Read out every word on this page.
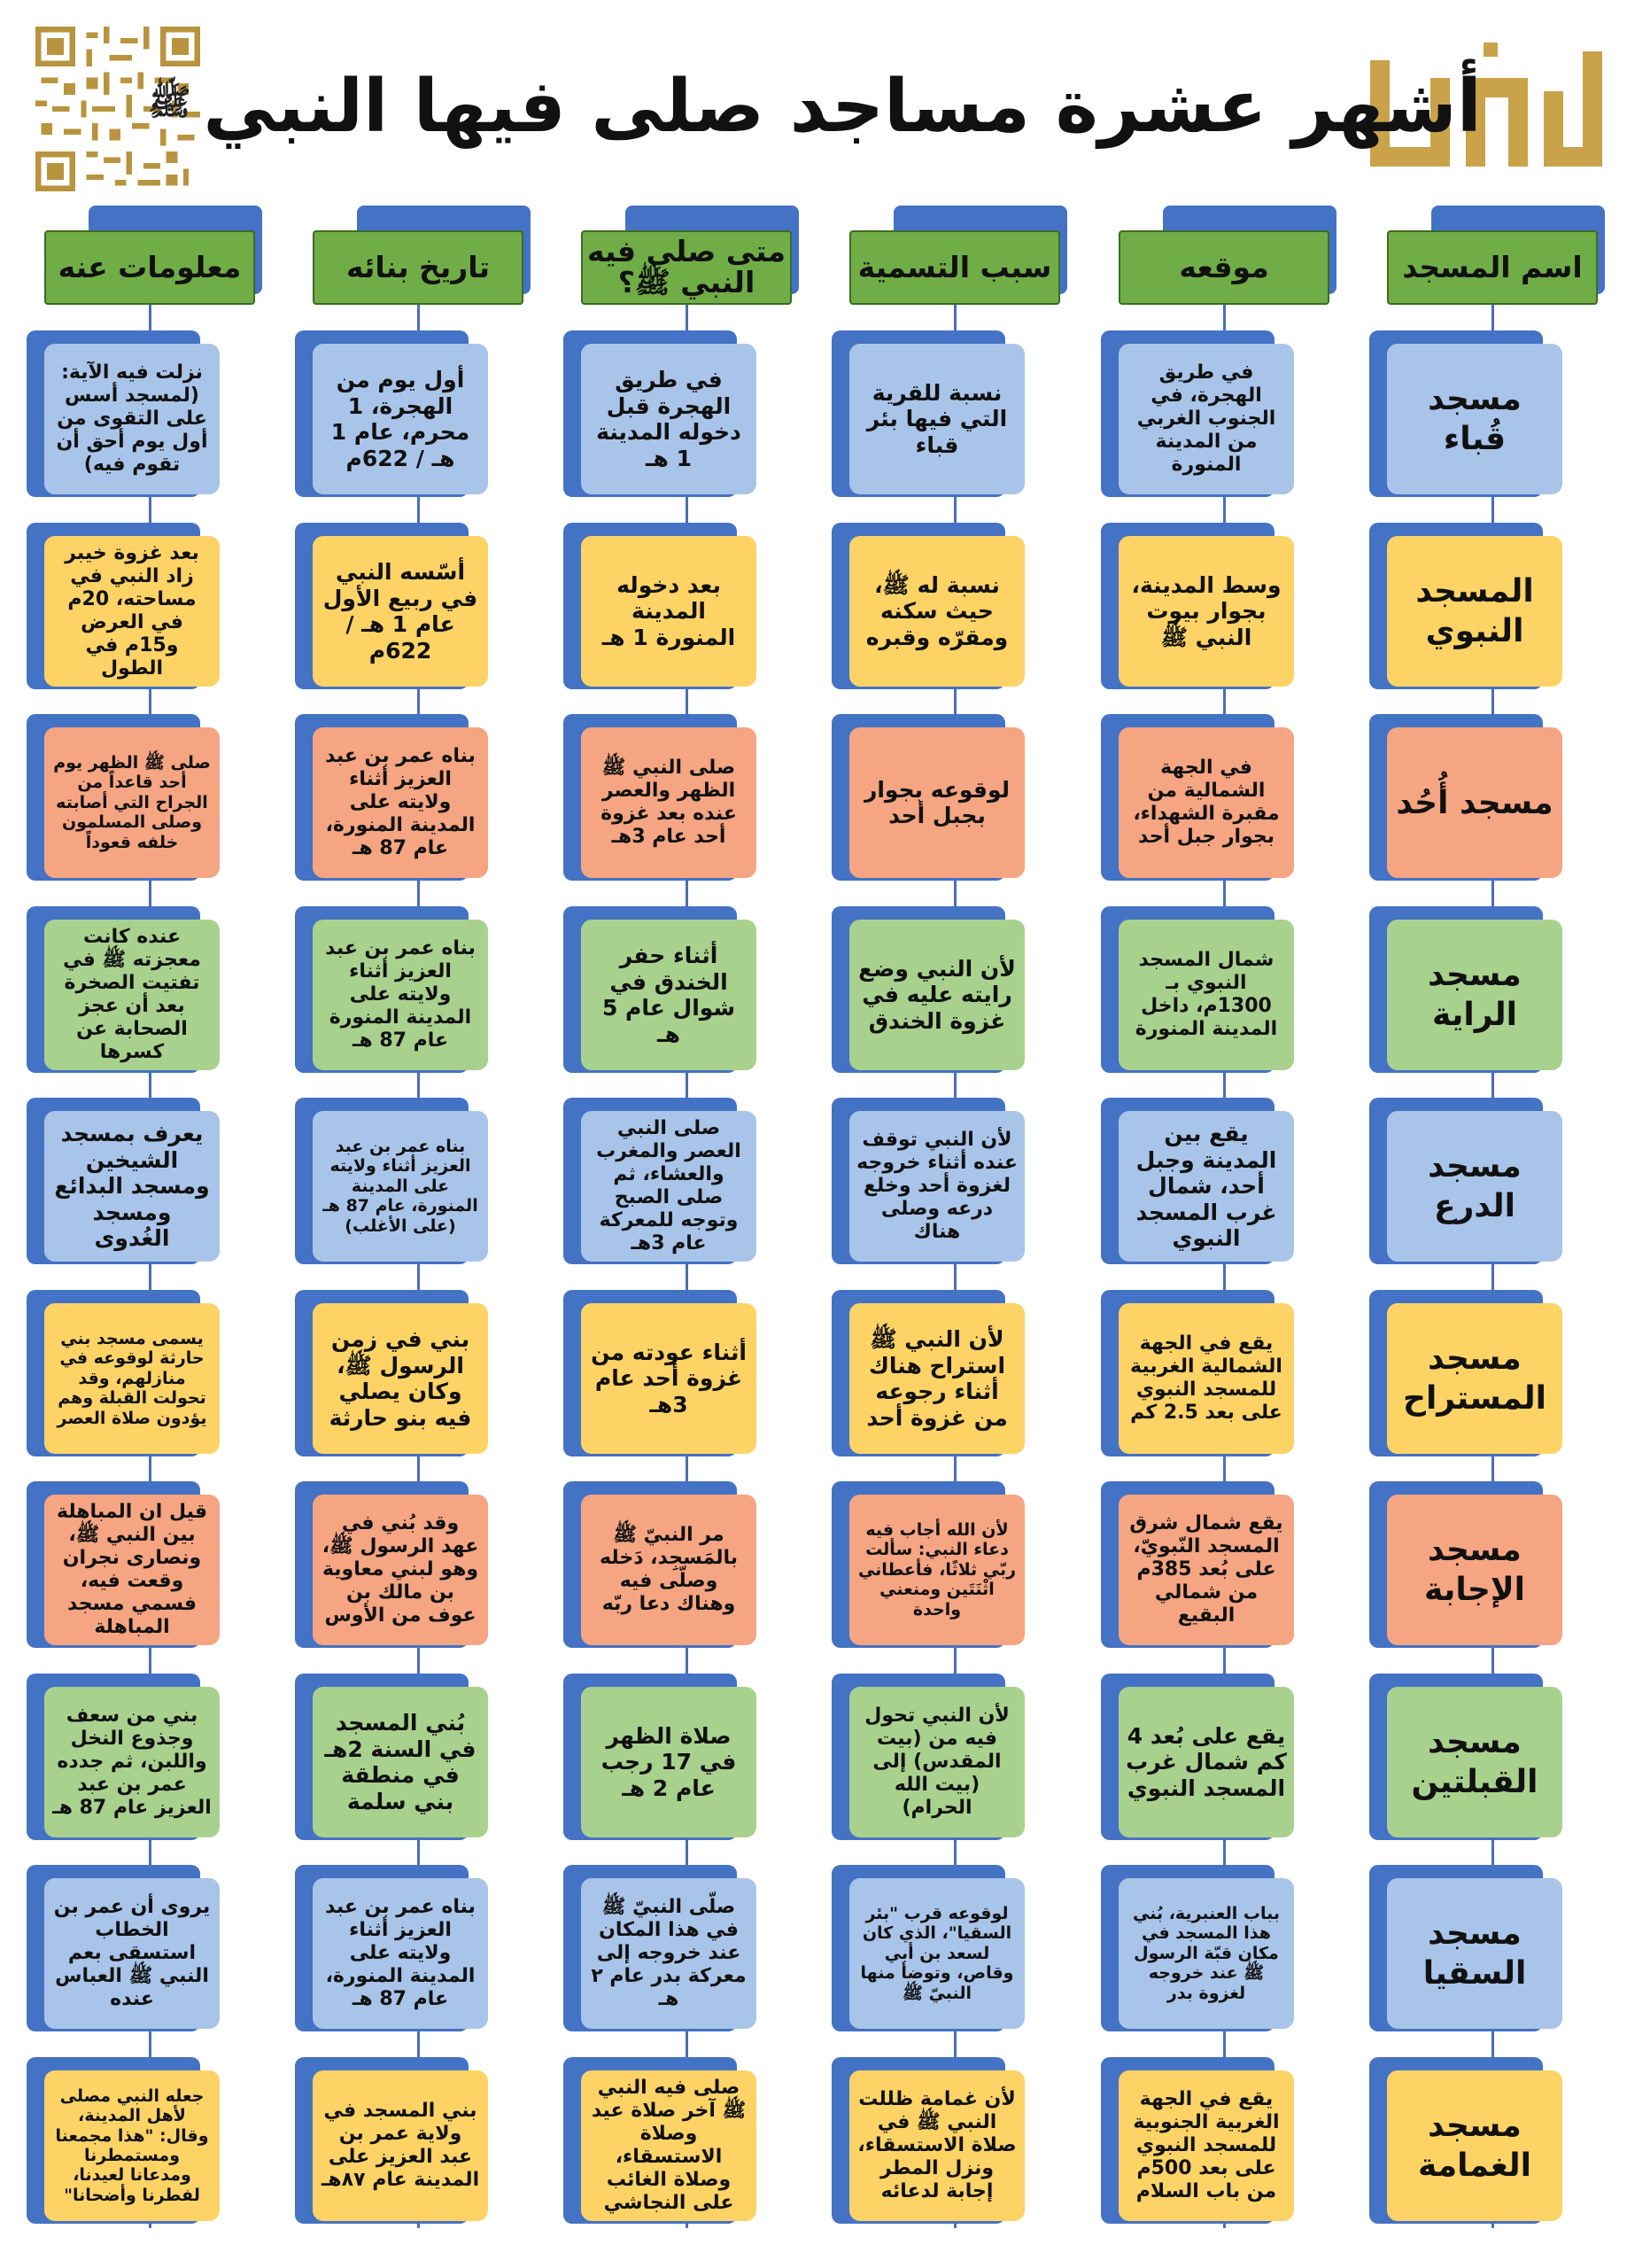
أشهر عشرة مساجد صلى فيها النبي
ﷺ
اسم المسجد
موقعه
سبب التسمية
متى صلى فيه النبي ﷺ؟
تاريخ بنائه
معلومات عنه
مسجد قُباء
في طريق الهجرة، في الجنوب الغربي من المدينة المنورة
نسبة للقرية التي فيها بئر قباء
في طريق الهجرة قبل دخوله المدينة 1 هـ
أول يوم من الهجرة، 1 محرم، عام 1 هـ / 622م
نزلت فيه الآية: (لمسجد أسس على التقوى من أول يوم أحق أن تقوم فيه)
المسجد النبوي
وسط المدينة، بجوار بيوت النبي ﷺ
نسبة له ﷺ، حيث سكنه ومقرّه وقبره
بعد دخوله المدينة المنورة 1 هـ
أسّسه النبي في ربيع الأول عام 1 هـ / 622م
بعد غزوة خيبر زاد النبي في مساحته، 20م في العرض و15م في الطول
مسجد أُحُد
في الجهة الشمالية من مقبرة الشهداء، بجوار جبل أحد
لوقوعه بجوار بجبل أحد
صلى النبي ﷺ الظهر والعصر عنده بعد غزوة أحد عام 3هـ
بناه عمر بن عبد العزيز أثناء ولايته على المدينة المنورة، عام 87 هـ
صلى ﷺ الظهر يوم أحد قاعداً من الجراح التي أصابته وصلى المسلمون خلفه قعوداً
مسجد الراية
شمال المسجد النبوي بـ 1300م، داخل المدينة المنورة
لأن النبي وضع رايته عليه في غزوة الخندق
أثناء حفر الخندق في شوال عام 5 هـ
بناه عمر بن عبد العزيز أثناء ولايته على المدينة المنورة عام 87 هـ
عنده كانت معجزته ﷺ في تفتيت الصخرة بعد أن عجز الصحابة عن كسرها
مسجد الدرع
يقع بين المدينة وجبل أحد، شمال غرب المسجد النبوي
لأن النبي توقف عنده أثناء خروجه لغزوة أحد وخلع درعه وصلى هناك
صلى النبي العصر والمغرب والعشاء، ثم صلى الصبح وتوجه للمعركة عام 3هـ
بناه عمر بن عبد العزيز أثناء ولايته على المدينة المنورة، عام 87 هـ (على الأغلب)
يعرف بمسجد الشيخين ومسجد البدائع ومسجد الغُدوى
مسجد المستراح
يقع في الجهة الشمالية الغربية للمسجد النبوي على بعد 2.5 كم
لأن النبي ﷺ استراح هناك أثناء رجوعه من غزوة أحد
أثناء عودته من غزوة أحد عام 3هـ
بني في زمن الرسول ﷺ، وكان يصلي فيه بنو حارثة
يسمى مسجد بني حارثة لوقوعه في منازلهم، وقد تحولت القبلة وهم يؤدون صلاة العصر
مسجد الإجابة
يقع شمال شرق المسجد النّبويّ، على بُعد 385م من شمالي البقيع
لأن الله أجاب فيه دعاء النبي: سألت ربّي ثلاثًا، فأعطاني اثْنَتَين ومنعني واحدة
مر النبيّ ﷺ بالمَسجِد، دَخله وصلّى فيه وهناك دعا ربّه
وقد بُني في عهد الرسول ﷺ، وهو لبني معاوية بن مالك بن عوف من الأوس
قيل ان المباهلة بين النبي ﷺ، ونصارى نجران وقعت فيه، فسمي مسجد المباهلة
مسجد القبلتين
يقع على بُعد 4 كم شمال غرب المسجد النبوي
لأن النبي تحول فيه من (بيت المقدس) إلى (بيت الله الحرام)
صلاة الظهر في 17 رجب عام 2 هـ
بُني المسجد في السنة 2هـ في منطقة بني سلمة
بني من سعف وجذوع النخل واللبن، ثم جدده عمر بن عبد العزيز عام 87 هـ
مسجد السقيا
بباب العنبرية، بُني هذا المسجد في مكان قبّة الرسول ﷺ عند خروجه لغزوة بدر
لوقوعه قرب "بئر السقيا"، الذي كان لسعد بن أبي وقاص، وتوضأ منها النبيّ ﷺ
صلّى النبيّ ﷺ في هذا المكان عند خروجه إلى معركة بدر عام ٢ هـ
بناه عمر بن عبد العزيز أثناء ولايته على المدينة المنورة، عام 87 هـ
يروى أن عمر بن الخطاب استسقى بعم النبي ﷺ العباس عنده
مسجد الغمامة
يقع في الجهة الغربية الجنوبية للمسجد النبوي على بعد 500م من باب السلام
لأن غمامة ظللت النبي ﷺ في صلاة الاستسقاء، ونزل المطر إجابة لدعائه
صلى فيه النبي ﷺ آخر صلاة عيد وصلاة الاستسقاء، وصلاة الغائب على النجاشي
بني المسجد في ولاية عمر بن عبد العزيز على المدينة عام ٨٧هـ
جعله النبي مصلى لأهل المدينة، وقال: "هذا مجمعنا ومستمطرنا ومدعانا لعيدنا، لفطرنا وأضحانا"
